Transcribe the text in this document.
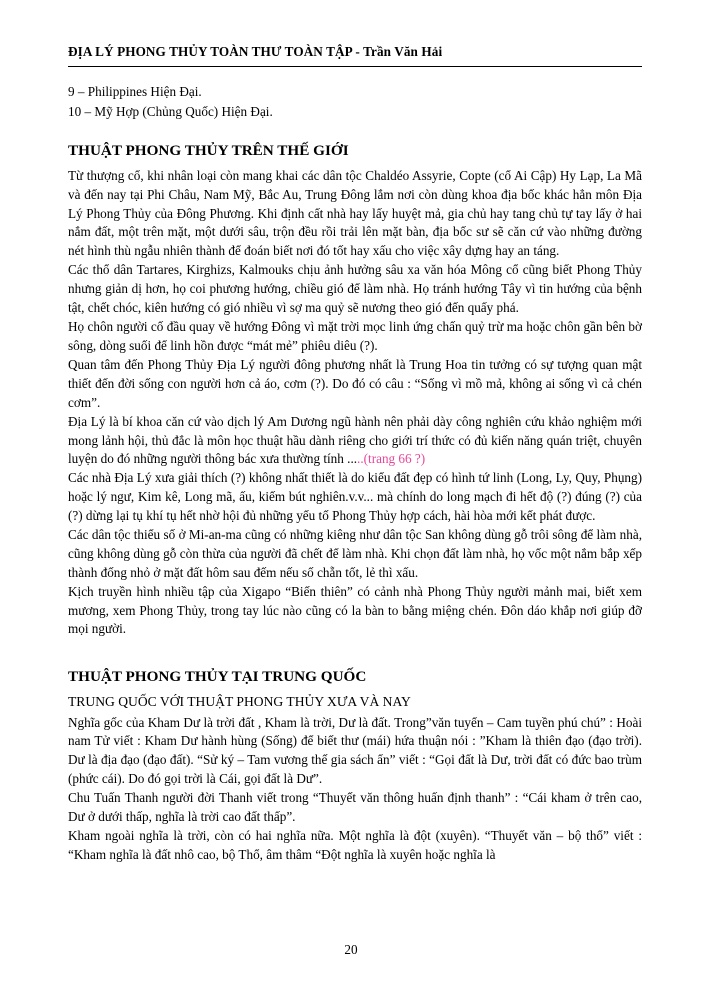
ĐỊA LÝ PHONG THỦY TOÀN THƯ TOÀN TẬP - Trần Văn Hải
9 – Philippines Hiện Đại.
10 – Mỹ Hợp (Chủng Quốc) Hiện Đại.
THUẬT PHONG THỦY TRÊN THẾ GIỚI

Từ thượng cổ, khi nhân loại còn mang khai các dân tộc Chaldéo Assyrie, Copte (cổ Ai Cập) Hy Lạp, La Mã và đến nay tại Phi Châu, Nam Mỹ, Bắc Au, Trung Đông lắm nơi còn dùng khoa địa bốc khác hẳn môn Địa Lý Phong Thủy của Đông Phương. Khi định cất nhà hay lấy huyệt mả, gia chủ hay tang chủ tự tay lấy ở hai nắm đất, một trên mặt, một dưới sâu, trộn đều rồi trải lên mặt bàn, địa bốc sư sẽ căn cứ vào những đường nét hình thù ngẫu nhiên thành để đoán biết nơi đó tốt hay xấu cho việc xây dựng hay an táng.

Các thổ dân Tartares, Kirghizs, Kalmouks chịu ảnh hưởng sâu xa văn hóa Mông cổ cũng biết Phong Thủy nhưng giản dị hơn, họ coi phương hướng, chiều gió để làm nhà. Họ tránh hướng Tây vì tin hướng của bệnh tật, chết chóc, kiên hướng có gió nhiều vì sợ ma quỷ sẽ nương theo gió đến quấy phá.

Họ chôn người cố đầu quay về hướng Đông vì mặt trời mọc linh ứng chấn quỷ trừ ma hoặc chôn gần bên bờ sông, dòng suối để linh hồn được “mát mẻ” phiêu diêu (?).

Quan tâm đến Phong Thủy Địa Lý người đông phương nhất là Trung Hoa tin tưởng có sự tượng quan mật thiết đến đời sống con người hơn cả áo, cơm (?). Do đó có câu : “Sống vì mồ mả, không ai sống vì cả chén cơm”.

Địa Lý là bí khoa căn cứ vào dịch lý Am Dương ngũ hành nên phải dày công nghiên cứu khảo nghiệm mới mong lảnh hội, thủ đắc là môn học thuật hầu dành riêng cho giới trí thức có đủ kiến năng quán triệt, chuyên luyện do đó những người thông bác xưa thường tính .....(trang 66 ?)

Các nhà Địa Lý xưa giải thích (?) không nhất thiết là do kiểu đất đẹp có hình tứ linh (Long, Ly, Quy, Phụng) hoặc lý ngư, Kim kê, Long mã, ấu, kiếm bút nghiên.v.v... mà chính do long mạch đi hết độ (?) đúng (?) của (?) dừng lại tụ khí tụ hết nhờ hội đủ những yếu tố Phong Thủy hợp cách, hài hòa mới kết phát được.

Các dân tộc thiểu số ở Mi-an-ma cũng có những kiêng như dân tộc San không dùng gỗ trôi sông để làm nhà, cũng không dùng gỗ còn thừa của người đã chết để làm nhà. Khi chọn đất làm nhà, họ vốc một nắm bắp xếp thành đống nhỏ ở mặt đất hôm sau đếm nếu số chẵn tốt, lẻ thì xấu.

Kịch truyền hình nhiều tập của Xigapo “Biến thiên” có cảnh nhà Phong Thủy người mảnh mai, biết xem mương, xem Phong Thủy, trong tay lúc nào cũng có la bàn to bằng miệng chén. Đôn dáo khắp nơi giúp đỡ mọi người.

THUẬT PHONG THỦY TẠI TRUNG QUỐC
TRUNG QUỐC VỚI THUẬT PHONG THỦY XƯA VÀ NAY

Nghĩa gốc của Kham Dư là trời đất , Kham là trời, Dư là đất. Trong”văn tuyển – Cam tuyền phú chú” : Hoài nam Tử viết : Kham Dư hành hùng (Sống) để biết thư (mái) hứa thuận nói : ”Kham là thiên đạo (đạo trời). Dư là địa đạo (đạo đất). “Sử ký – Tam vương thế gia sách ẩn” viết : “Gọi đất là Dư, trời đất có đức bao trùm (phức cái). Do đó gọi trời là Cái, gọi đất là Dư”.

Chu Tuấn Thanh người đời Thanh viết trong “Thuyết văn thông huấn định thanh” : “Cái kham ở trên cao, Dư ở dưới thấp, nghĩa là trời cao đất thấp”.

Kham ngoài nghĩa là trời, còn có hai nghĩa nữa. Một nghĩa là đột (xuyên). “Thuyết văn – bộ thổ” viết : “Kham nghĩa là đất nhô cao, bộ Thổ, âm thâm “Đột nghĩa là xuyên hoặc nghĩa là

20
